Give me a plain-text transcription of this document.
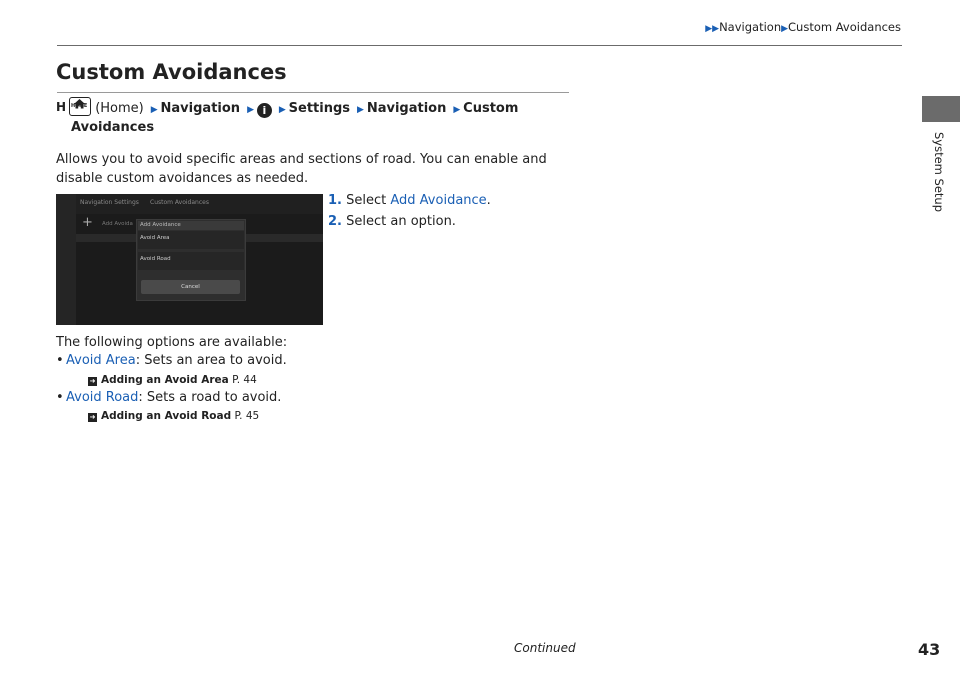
▶▶Navigation▶Custom Avoidances
System Setup
Custom Avoidances
H HOME (Home)  ▶ Navigation  ▶ i  ▶ Settings  ▶ Navigation  ▶ Custom
Avoidances
Allows you to avoid specific areas and sections of road. You can enable and disable custom avoidances as needed.
Navigation Settings Custom Avoidances
+ Add Avoida	Add Avoidance
Avoid Area
Avoid Road
Cancel
1. Select Add Avoidance.
2. Select an option.
The following options are available:
• Avoid Area: Sets an area to avoid.
➜ Adding an Avoid Area P. 44
• Avoid Road: Sets a road to avoid.
➜ Adding an Avoid Road P. 45
Continued	43
